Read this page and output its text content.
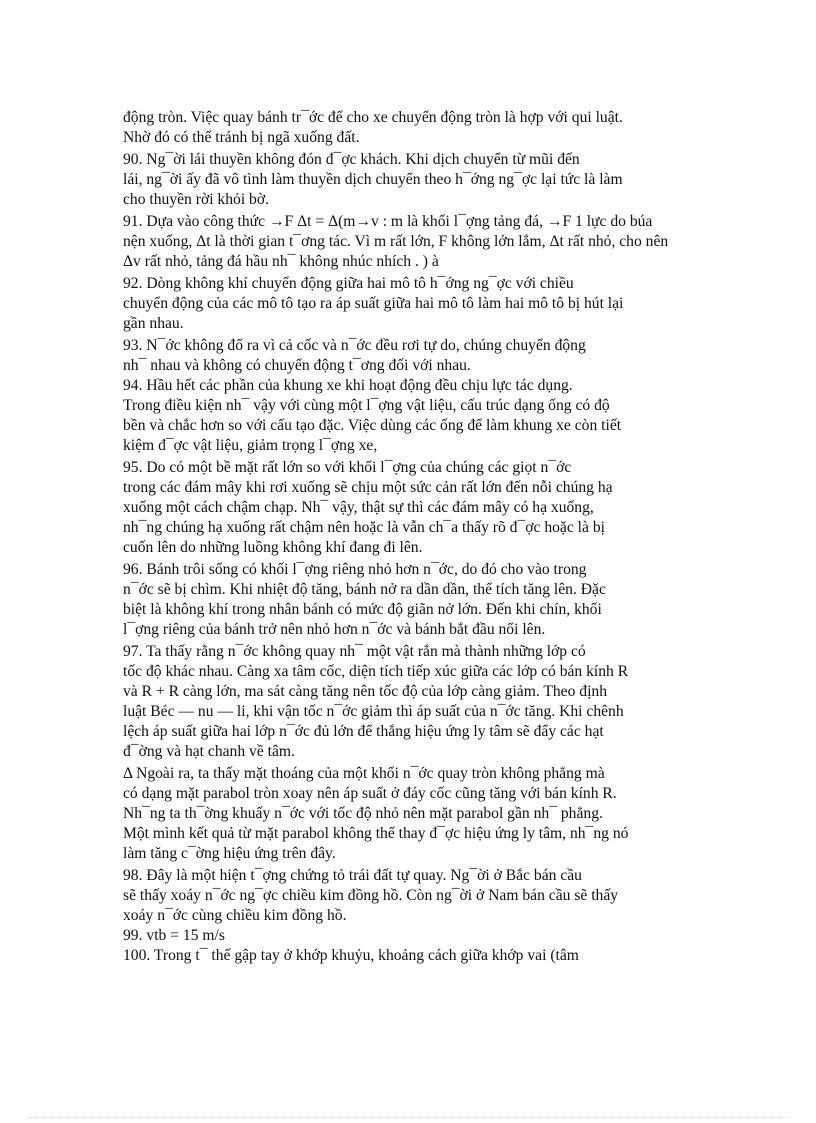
động tròn. Việc quay bánh tr¯ớc để cho xe chuyển động tròn là hợp với qui luật.
Nhờ đó có thể tránh bị ngã xuống đất.
90. Ng¯ời lái thuyền không đón đ¯ợc khách. Khi dịch chuyển từ mũi đến
lái, ng¯ời ấy đã vô tình làm thuyền dịch chuyển theo h¯ớng ng¯ợc lại tức là làm
cho thuyền rời khỏi bờ.
91. Dựa vào công thức →F Δt = Δ(m→v : m là khối l¯ợng tảng đá, →F 1 lực do búa
nện xuống, Δt là thời gian t¯ơng tác. Vì m rất lớn, F không lớn lắm, Δt rất nhỏ, cho nên
Δv rất nhỏ, tảng đá hầu nh¯ không nhúc nhích . ) à
92. Dòng không khí chuyển động giữa hai mô tô h¯ớng ng¯ợc với chiều
chuyển động của các mô tô tạo ra áp suất giữa hai mô tô làm hai mô tô bị hút lại
gần nhau.
93. N¯ớc không đổ ra vì cả cốc và n¯ớc đều rơi tự do, chúng chuyển động
nh¯ nhau và không có chuyển động t¯ơng đối với nhau.
94. Hầu hết các phần của khung xe khi hoạt động đều chịu lực tác dụng.
Trong điều kiện nh¯ vậy với cùng một l¯ợng vật liệu, cấu trúc dạng ống có độ
bền và chắc hơn so với cấu tạo đặc. Việc dùng các ống để làm khung xe còn tiết
kiệm đ¯ợc vật liệu, giảm trọng l¯ợng xe,
95. Do có một bề mặt rất lớn so với khối l¯ợng của chúng các giọt n¯ớc
trong các đám mây khi rơi xuống sẽ chịu một sức cản rất lớn đến nỗi chúng hạ
xuống một cách chậm chạp. Nh¯ vậy, thật sự thì các đám mây có hạ xuống,
nh¯ng chúng hạ xuống rất chậm nên hoặc là vẫn ch¯a thấy rõ đ¯ợc hoặc là bị
cuốn lên do những luồng không khí đang đi lên.
96. Bánh trôi sống có khối l¯ợng riêng nhỏ hơn n¯ớc, do đó cho vào trong
n¯ớc sẽ bị chìm. Khi nhiệt độ tăng, bánh nở ra dần dần, thể tích tăng lên. Đặc
biệt là không khí trong nhân bánh có mức độ giãn nở lớn. Đến khi chín, khối
l¯ợng riêng của bánh trở nên nhỏ hơn n¯ớc và bánh bắt đầu nổi lên.
97. Ta thấy rằng n¯ớc không quay nh¯ một vật rắn mà thành những lớp có
tốc độ khác nhau. Càng xa tâm cốc, diện tích tiếp xúc giữa các lớp có bán kính R
và R + R càng lớn, ma sát càng tăng nên tốc độ của lớp càng giảm. Theo định
luật Béc — nu — li, khi vận tốc n¯ớc giảm thì áp suất của n¯ớc tăng. Khi chênh
lệch áp suất giữa hai lớp n¯ớc đủ lớn để thắng hiệu ứng ly tâm sẽ đẩy các hạt
đ¯ờng và hạt chanh về tâm.
Δ Ngoài ra, ta thấy mặt thoáng của một khối n¯ớc quay tròn không phẳng mà
có dạng mặt parabol tròn xoay nên áp suất ở đáy cốc cũng tăng với bán kính R.
Nh¯ng ta th¯ờng khuấy n¯ớc với tốc độ nhỏ nên mặt parabol gần nh¯ phẳng.
Một mình kết quả từ mặt parabol không thể thay đ¯ợc hiệu ứng ly tâm, nh¯ng nó
làm tăng c¯ờng hiệu ứng trên đây.
98. Đây là một hiện t¯ợng chứng tỏ trái đất tự quay. Ng¯ời ở Bắc bán cầu
sẽ thấy xoáy n¯ớc ng¯ợc chiều kim đồng hồ. Còn ng¯ời ở Nam bán cầu sẽ thấy
xoáy n¯ớc cùng chiều kim đồng hồ.
99. vtb = 15 m/s
100. Trong t¯ thế gập tay ở khớp khuỷu, khoảng cách giữa khớp vai (tâm
